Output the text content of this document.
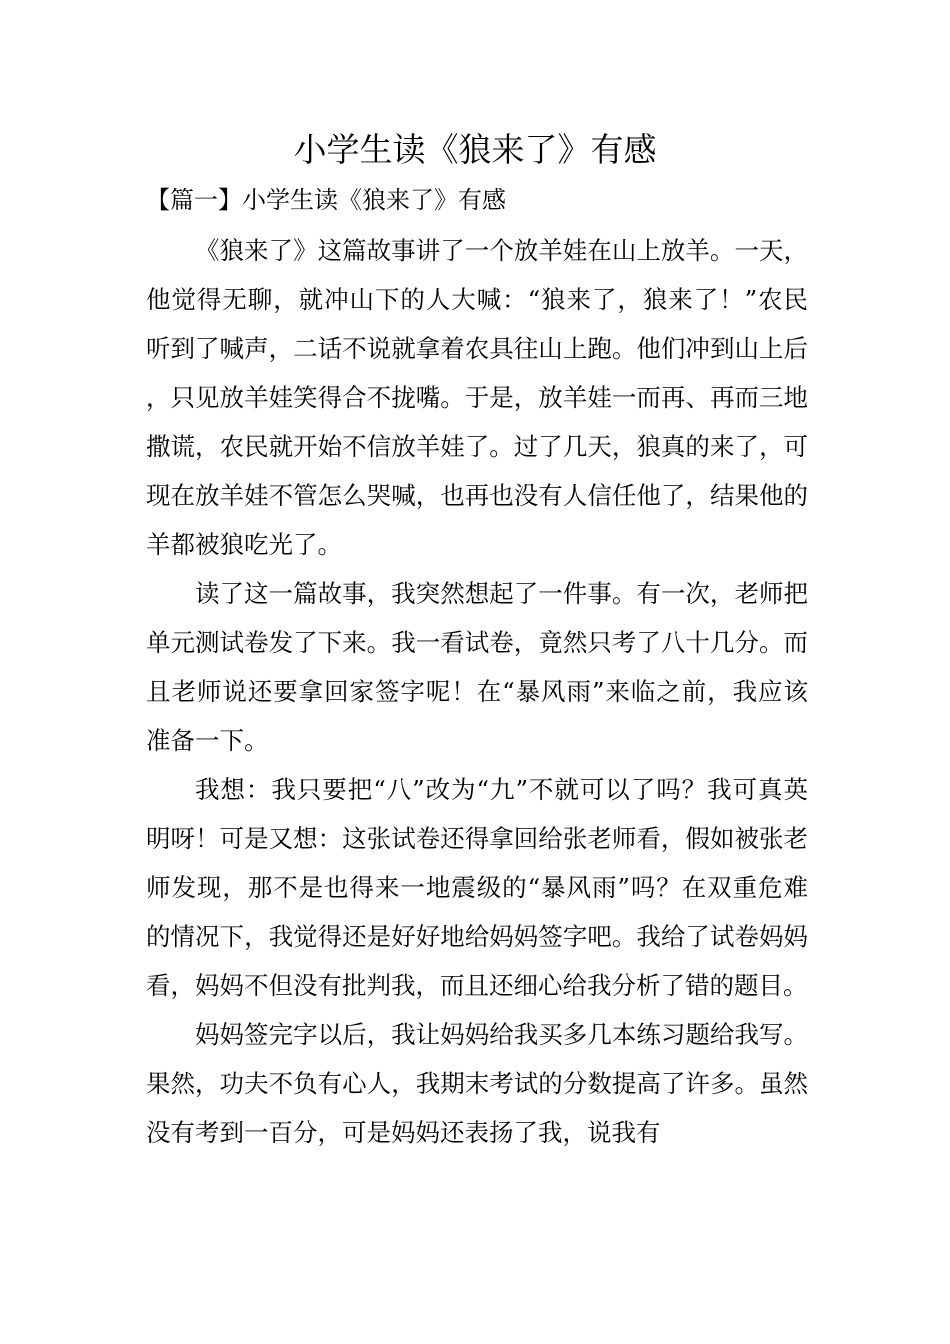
小学生读《狼来了》有感
【篇一】小学生读《狼来了》有感

《狼来了》这篇故事讲了一个放羊娃在山上放羊。一天，他觉得无聊，就冲山下的人大喊：“狼来了，狼来了！”农民听到了喊声，二话不说就拿着农具往山上跑。他们冲到山上后，只见放羊娃笑得合不拢嘴。于是，放羊娃一而再、再而三地撒谎，农民就开始不信放羊娃了。过了几天，狼真的来了，可现在放羊娃不管怎么哭喊，也再也没有人信任他了，结果他的羊都被狼吃光了。

读了这一篇故事，我突然想起了一件事。有一次，老师把单元测试卷发了下来。我一看试卷，竟然只考了八十几分。而且老师说还要拿回家签字呢！在“暴风雨”来临之前，我应该准备一下。

我想：我只要把“八”改为“九”不就可以了吗？我可真英明呀！可是又想：这张试卷还得拿回给张老师看，假如被张老师发现，那不是也得来一地震级的“暴风雨”吗？在双重危难的情况下，我觉得还是好好地给妈妈签字吧。我给了试卷妈妈看，妈妈不但没有批判我，而且还细心给我分析了错的题目。

妈妈签完字以后，我让妈妈给我买多几本练习题给我写。果然，功夫不负有心人，我期末考试的分数提高了许多。虽然没有考到一百分，可是妈妈还表扬了我，说我有
